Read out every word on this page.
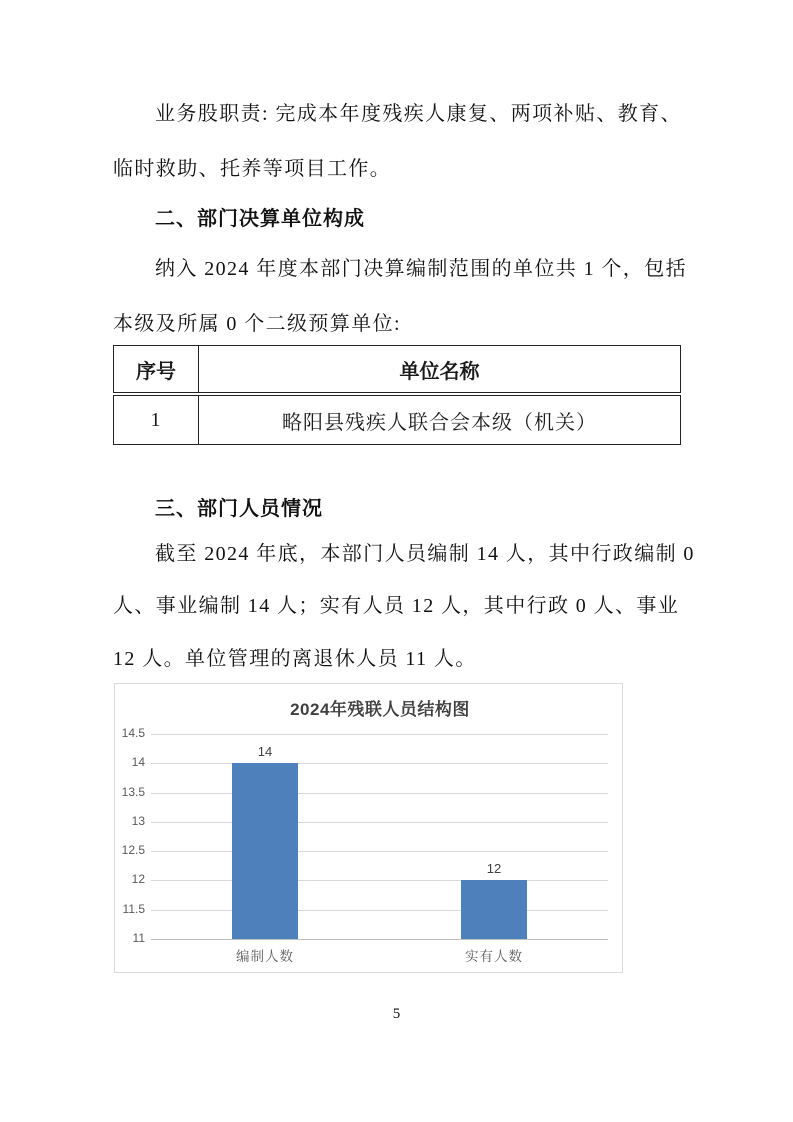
业务股职责: 完成本年度残疾人康复、两项补贴、教育、
临时救助、托养等项目工作。
二、部门决算单位构成
纳入 2024 年度本部门决算编制范围的单位共 1 个，包括
本级及所属 0 个二级预算单位:
序号	单位名称
1	略阳县残疾人联合会本级（机关）
三、部门人员情况
截至 2024 年底，本部门人员编制 14 人，其中行政编制 0
人、事业编制 14 人；实有人员 12 人，其中行政 0 人、事业
12 人。单位管理的离退休人员 11 人。
2024年残联人员结构图
14.5
14
13.5
13
12.5
12
11.5
11
14
编制人数
12
实有人数
5
